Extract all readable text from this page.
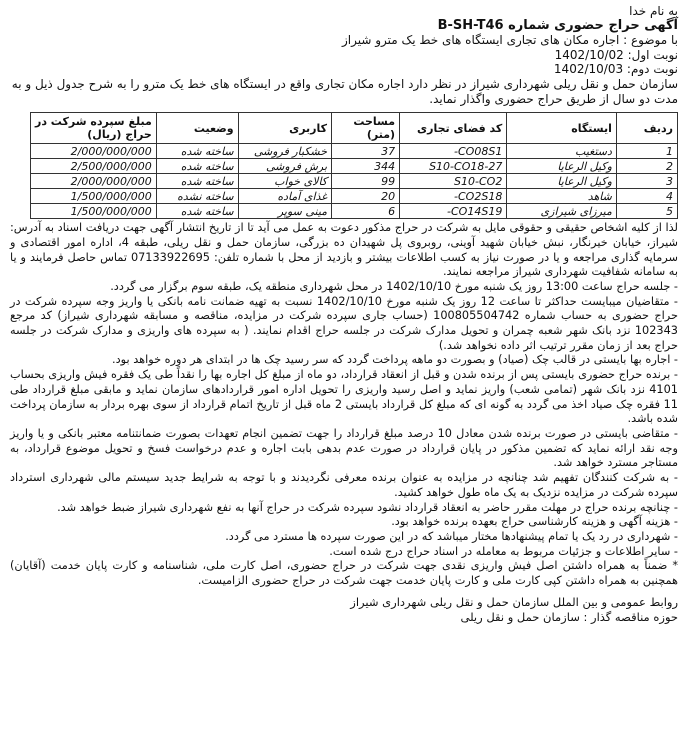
به نام خدا

آگهی حراج حضوری شماره B-SH-T46

با موضوع : اجاره مکان های تجاری ایستگاه های خط یک مترو شیراز

نوبت اول: 1402/10/02

نوبت دوم: 1402/10/03

سازمان حمل و نقل ریلی شهرداری شیراز در نظر دارد اجاره مکان تجاری واقع در ایستگاه های خط یک مترو را به شرح جدول ذیل و به مدت دو سال از طریق حراج حضوری واگذار نماید.

ردیف	ایستگاه	کد فضای تجاری	مساحت (متر)	کاربری	وضعیت	مبلغ سپرده شرکت در حراج (ریال)
1	دستغیب	CO08S1-	37	خشکبار فروشی	ساخته شده	2/000/000/000
2	وکیل الرعایا	S10-CO18-27	344	برش فروشی	ساخته شده	2/500/000/000
3	وکیل الرعایا	S10-CO2	99	کالای خواب	ساخته شده	2/000/000/000
4	شاهد	CO2S18-	20	غذای آماده	ساخته نشده	1/500/000/000
5	میرزای شیرازی	CO14S19-	6	مینی سوپر	ساخته شده	1/500/000/000

لذا از کلیه اشخاص حقیقی و حقوقی مایل به شرکت در حراج مذکور دعوت به عمل می آید تا از تاریخ انتشار آگهی جهت دریافت اسناد به آدرس: شیراز، خیابان خیرنگار، نبش خیابان شهید آوینی، روبروی پل شهیدان ده بزرگی، سازمان حمل و نقل ریلی، طبقه 4، اداره امور اقتصادی و سرمایه گذاری مراجعه و یا در صورت نیاز به کسب اطلاعات بیشتر و بازدید از محل با شماره تلفن: 07133922695 تماس حاصل فرمایند و یا به سامانه شفافیت شهرداری شیراز مراجعه نمایند.

- جلسه حراج ساعت 13:00 روز یک شنبه مورخ 1402/10/10 در محل شهرداری منطقه یک، طبقه سوم برگزار می گردد.

- متقاضیان میبایست حداکثر تا ساعت 12 روز یک شنبه مورخ 1402/10/10 نسبت به تهیه ضمانت نامه بانکی یا واریز وجه سپرده شرکت در حراج حضوری به حساب شماره 100805504742 (حساب جاری سپرده شرکت در مزایده، مناقصه و مسابقه شهرداری شیراز) کد مرجع 102343 نزد بانک شهر شعبه چمران و تحویل مدارک شرکت در جلسه حراج اقدام نمایند. ( به سپرده های واریزی و مدارک شرکت در جلسه حراج بعد از زمان مقرر ترتیب اثر داده نخواهد شد.)

- اجاره بها بایستی در قالب چک (صیاد) و بصورت دو ماهه پرداخت گردد که سر رسید چک ها در ابتدای هر دوره خواهد بود.

- برنده حراج حضوری بایستی پس از برنده شدن و قبل از انعقاد قرارداد، دو ماه از مبلغ کل اجاره بها را نقداً طی یک فقره فیش واریزی بحساب 4101 نزد بانک شهر (تمامی شعب) واریز نماید و اصل رسید واریزی را تحویل اداره امور قراردادهای سازمان نماید و مابقی مبلغ قرارداد طی 11 فقره چک صیاد اخذ می گردد به گونه ای که مبلغ کل قرارداد بایستی 2 ماه قبل از تاریخ اتمام قرارداد از سوی بهره بردار به سازمان پرداخت شده باشد.

- متقاضی بایستی در صورت برنده شدن معادل 10 درصد مبلغ قرارداد را جهت تضمین انجام تعهدات بصورت ضمانتنامه معتبر بانکی و یا واریز وجه نقد ارائه نماید که تضمین مذکور در پایان قرارداد در صورت عدم بدهی بابت اجاره و عدم درخواست فسخ و تحویل موضوع قرارداد، به مستاجر مسترد خواهد شد.

- به شرکت کنندگان تفهیم شد چنانچه در مزایده به عنوان برنده معرفی نگردیدند و با توجه به شرایط جدید سیستم مالی شهرداری استرداد سپرده شرکت در مزایده نزدیک به یک ماه طول خواهد کشید.

- چنانچه برنده حراج در مهلت مقرر حاضر به انعقاد قرارداد نشود سپرده شرکت در حراج آنها به نفع شهرداری شیراز ضبط خواهد شد.

- هزینه آگهی و هزینه کارشناسی حراج بعهده برنده خواهد بود.

- شهرداری در رد یک یا تمام پیشنهادها مختار میباشد که در این صورت سپرده ها مسترد می گردد.

- سایر اطلاعات و جزئیات مربوط به معامله در اسناد حراج درج شده است.

* ضمناً به همراه داشتن اصل فیش واریزی نقدی جهت شرکت در حراج حضوری، اصل کارت ملی، شناسنامه و کارت پایان خدمت (آقایان) همچنین به همراه داشتن کپی کارت ملی و کارت پایان خدمت جهت شرکت در حراج حضوری الزامیست.

روابط عمومی و بین الملل سازمان حمل و نقل ریلی شهرداری شیراز

حوزه مناقصه گذار : سازمان حمل و نقل ریلی
